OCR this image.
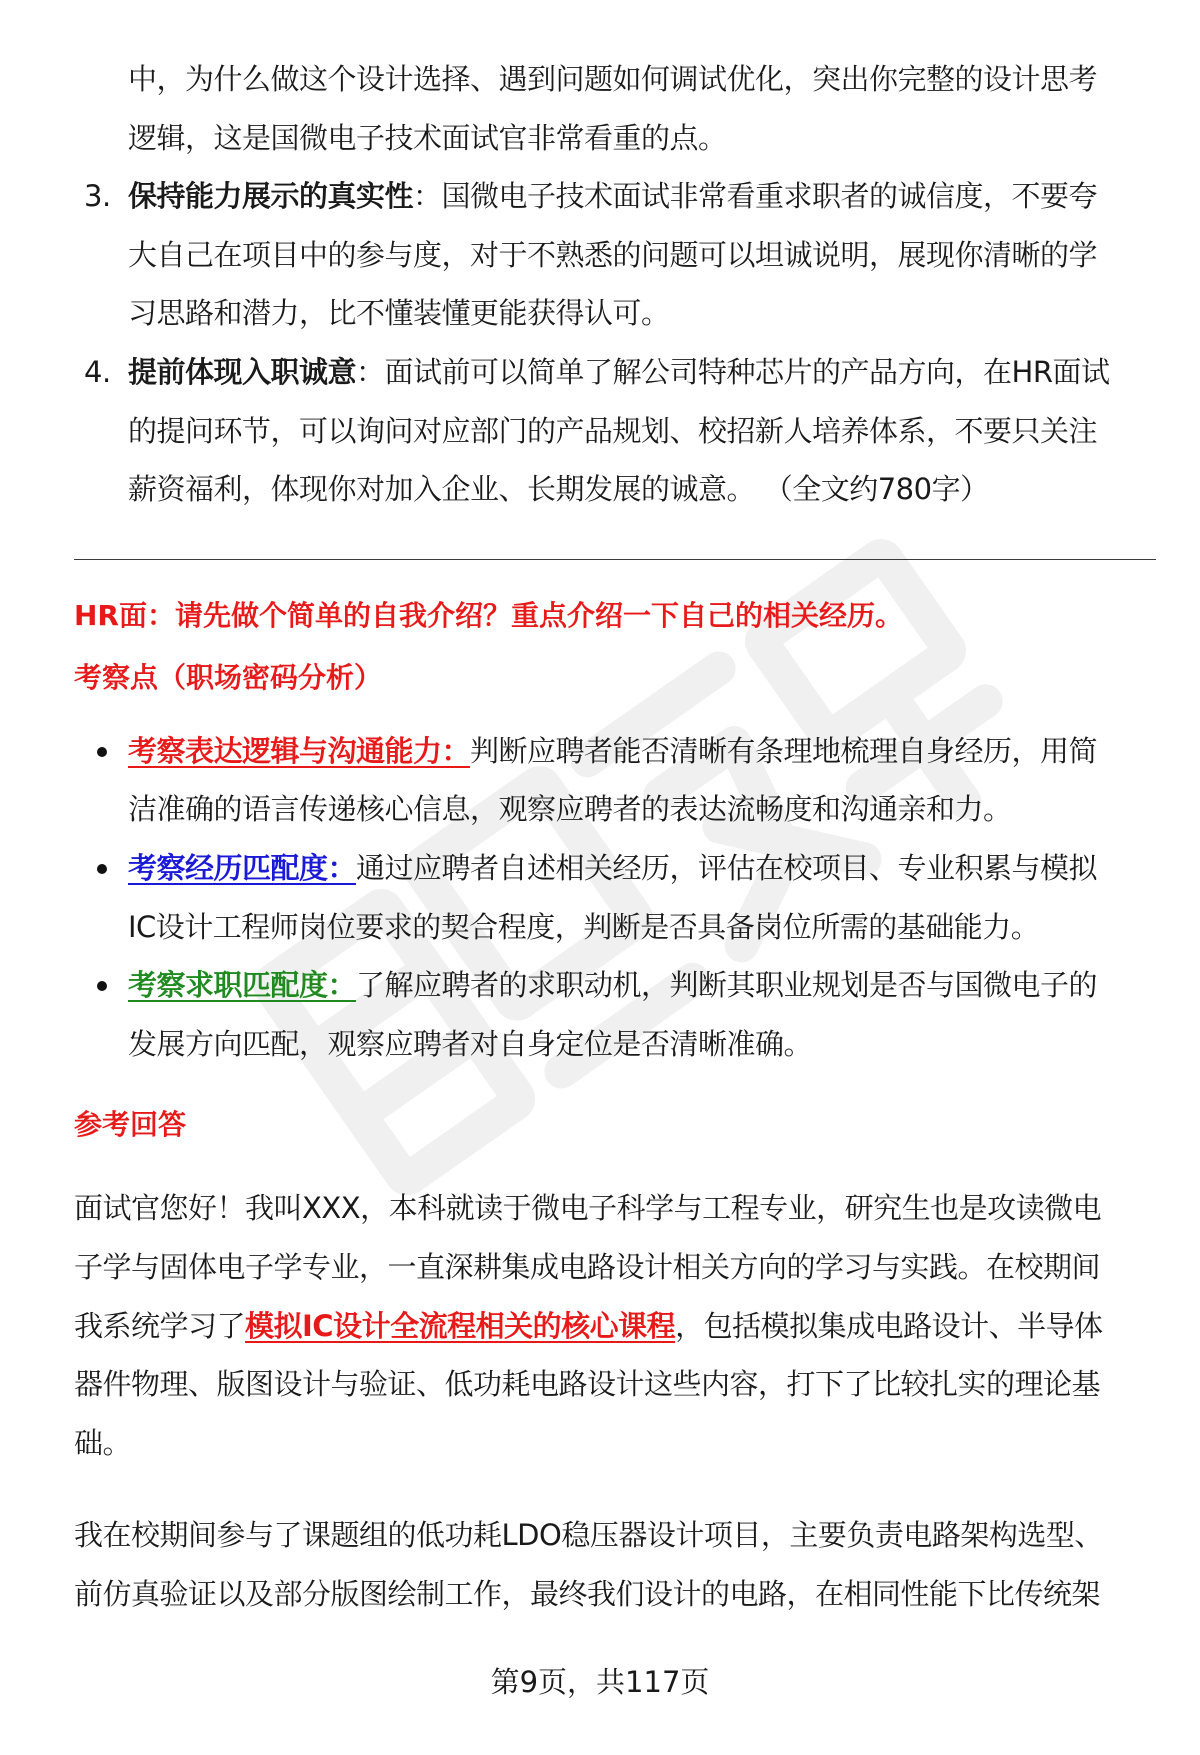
中，为什么做这个设计选择、遇到问题如何调试优化，突出你完整的设计思考
逻辑，这是国微电子技术面试官非常看重的点。
3. 保持能力展示的真实性：国微电子技术面试非常看重求职者的诚信度，不要夸
大自己在项目中的参与度，对于不熟悉的问题可以坦诚说明，展现你清晰的学
习思路和潜力，比不懂装懂更能获得认可。
4. 提前体现入职诚意：面试前可以简单了解公司特种芯片的产品方向，在HR面试
的提问环节，可以询问对应部门的产品规划、校招新人培养体系，不要只关注
薪资福利，体现你对加入企业、长期发展的诚意。 （全文约780字）
HR面：请先做个简单的自我介绍？重点介绍一下自己的相关经历。
考察点（职场密码分析）
考察表达逻辑与沟通能力：判断应聘者能否清晰有条理地梳理自身经历，用简
洁准确的语言传递核心信息，观察应聘者的表达流畅度和沟通亲和力。
考察经历匹配度：通过应聘者自述相关经历，评估在校项目、专业积累与模拟
IC设计工程师岗位要求的契合程度，判断是否具备岗位所需的基础能力。
考察求职匹配度：了解应聘者的求职动机，判断其职业规划是否与国微电子的
发展方向匹配，观察应聘者对自身定位是否清晰准确。
参考回答
面试官您好！我叫XXX，本科就读于微电子科学与工程专业，研究生也是攻读微电
子学与固体电子学专业，一直深耕集成电路设计相关方向的学习与实践。在校期间
我系统学习了模拟IC设计全流程相关的核心课程，包括模拟集成电路设计、半导体
器件物理、版图设计与验证、低功耗电路设计这些内容，打下了比较扎实的理论基
础。
我在校期间参与了课题组的低功耗LDO稳压器设计项目，主要负责电路架构选型、
前仿真验证以及部分版图绘制工作，最终我们设计的电路，在相同性能下比传统架
第9页，共117页
